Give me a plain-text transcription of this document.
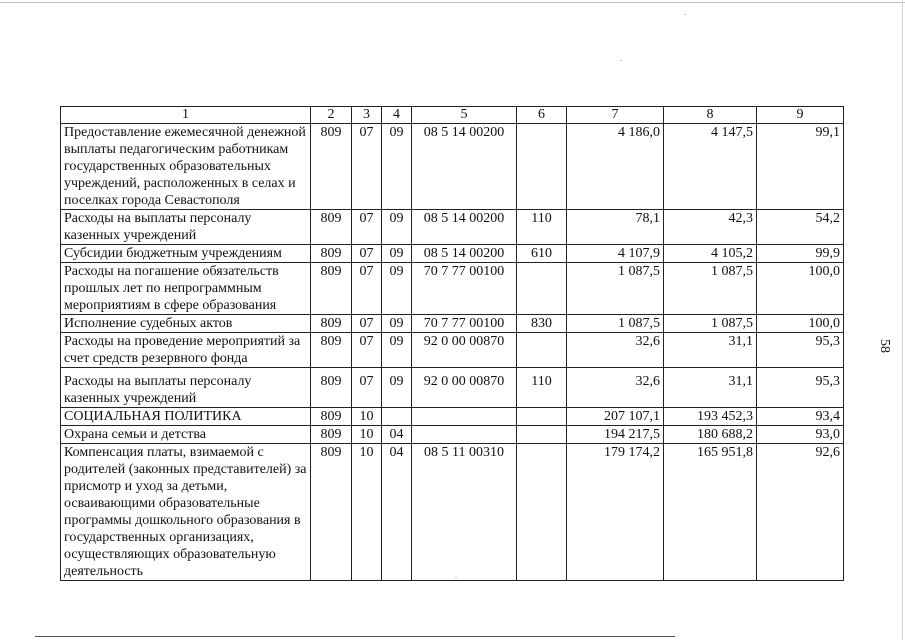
1	2	3	4	5	6	7	8	9
Предоставление ежемесячной денежной выплаты педагогическим работникам государственных образовательных учреждений, расположенных в селах и поселках города Севастополя	809	07	09	08 5 14 00200		4 186,0	4 147,5	99,1
Расходы на выплаты персоналу казенных учреждений	809	07	09	08 5 14 00200	110	78,1	42,3	54,2
Субсидии бюджетным учреждениям	809	07	09	08 5 14 00200	610	4 107,9	4 105,2	99,9
Расходы на погашение обязательств прошлых лет по непрограммным мероприятиям в сфере образования	809	07	09	70 7 77 00100		1 087,5	1 087,5	100,0
Исполнение судебных актов	809	07	09	70 7 77 00100	830	1 087,5	1 087,5	100,0
Расходы на проведение мероприятий за счет средств резервного фонда	809	07	09	92 0 00 00870		32,6	31,1	95,3
Расходы на выплаты персоналу казенных учреждений	809	07	09	92 0 00 00870	110	32,6	31,1	95,3
СОЦИАЛЬНАЯ ПОЛИТИКА	809	10				207 107,1	193 452,3	93,4
Охрана семьи и детства	809	10	04			194 217,5	180 688,2	93,0
Компенсация платы, взимаемой с родителей (законных представителей) за присмотр и уход за детьми, осваивающими образовательные программы дошкольного образования в государственных организациях, осуществляющих образовательную деятельность	809	10	04	08 5 11 00310		179 174,2	165 951,8	92,6
58
